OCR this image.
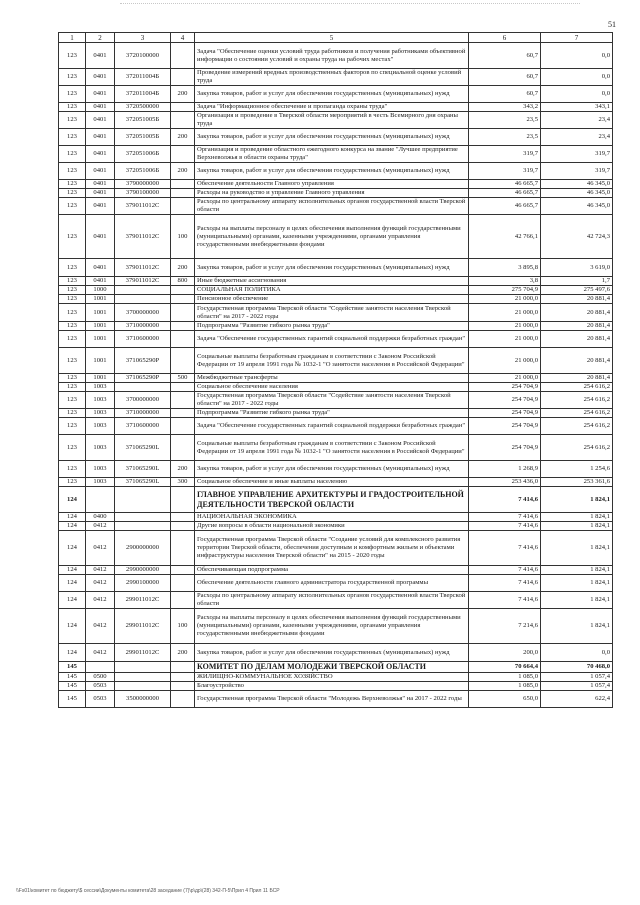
51
1	2	3	4	5	6	7
123	0401	3720100000		Задача "Обеспечение оценки условий труда работников и получения работниками объективной информации о состоянии условий и охраны труда на рабочих местах"	60,7	0,0
123	0401	372011004Б		Проведение измерений вредных производственных факторов по специальной оценке условий труда	60,7	0,0
123	0401	372011004Б	200	Закупка товаров, работ и услуг для обеспечения государственных (муниципальных) нужд	60,7	0,0
123	0401	3720500000		Задача "Информационное обеспечение и пропаганда охраны труда"	343,2	343,1
123	0401	372051005Б		Организация и проведение в Тверской области мероприятий в честь Всемирного дня охраны труда	23,5	23,4
123	0401	372051005Б	200	Закупка товаров, работ и услуг для обеспечения государственных (муниципальных) нужд	23,5	23,4
123	0401	372051006Б		Организация и проведение областного ежегодного конкурса на звание "Лучшее предприятие Верхневолжья в области охраны труда"	319,7	319,7
123	0401	372051006Б	200	Закупка товаров, работ и услуг для обеспечения государственных (муниципальных) нужд	319,7	319,7
123	0401	3790000000		Обеспечение деятельности Главного управления	46 665,7	46 345,0
123	0401	3790100000		Расходы на руководство и управление Главного управления	46 665,7	46 345,0
123	0401	379011012С		Расходы по центральному аппарату исполнительных органов государственной власти Тверской области	46 665,7	46 345,0
123	0401	379011012С	100	Расходы на выплаты персоналу в целях обеспечения выполнения функций государственными (муниципальными) органами, казенными учреждениями, органами управления государственными внебюджетными фондами	42 766,1	42 724,3
123	0401	379011012С	200	Закупка товаров, работ и услуг для обеспечения государственных (муниципальных) нужд	3 895,8	3 619,0
123	0401	379011012С	800	Иные бюджетные ассигнования	3,8	1,7
123	1000			СОЦИАЛЬНАЯ ПОЛИТИКА	275 704,9	275 497,6
123	1001			Пенсионное обеспечение	21 000,0	20 881,4
123	1001	3700000000		Государственная программа Тверской области "Содействие занятости населения Тверской области" на 2017 - 2022 годы	21 000,0	20 881,4
123	1001	3710000000		Подпрограмма "Развитие гибкого рынка труда"	21 000,0	20 881,4
123	1001	3710600000		Задача "Обеспечение государственных гарантий социальной поддержки безработных граждан"	21 000,0	20 881,4
123	1001	371065290Р		Социальные выплаты безработным гражданам в соответствии с Законом Российской Федерации от 19 апреля 1991 года № 1032-1 "О занятости населения в Российской Федерации"	21 000,0	20 881,4
123	1001	371065290Р	500	Межбюджетные трансферты	21 000,0	20 881,4
123	1003			Социальное обеспечение населения	254 704,9	254 616,2
123	1003	3700000000		Государственная программа Тверской области "Содействие занятости населения Тверской области" на 2017 - 2022 годы	254 704,9	254 616,2
123	1003	3710000000		Подпрограмма "Развитие гибкого рынка труда"	254 704,9	254 616,2
123	1003	3710600000		Задача "Обеспечение государственных гарантий социальной поддержки безработных граждан"	254 704,9	254 616,2
123	1003	371065290L		Социальные выплаты безработным гражданам в соответствии с Законом Российской Федерации от 19 апреля 1991 года № 1032-1 "О занятости населения в Российской Федерации"	254 704,9	254 616,2
123	1003	371065290L	200	Закупка товаров, работ и услуг для обеспечения государственных (муниципальных) нужд	1 268,9	1 254,6
123	1003	371065290L	300	Социальное обеспечение и иные выплаты населению	253 436,0	253 361,6
124				ГЛАВНОЕ УПРАВЛЕНИЕ АРХИТЕКТУРЫ И ГРАДОСТРОИТЕЛЬНОЙ ДЕЯТЕЛЬНОСТИ ТВЕРСКОЙ ОБЛАСТИ	7 414,6	1 824,1
124	0400			НАЦИОНАЛЬНАЯ ЭКОНОМИКА	7 414,6	1 824,1
124	0412			Другие вопросы в области национальной экономики	7 414,6	1 824,1
124	0412	2900000000		Государственная программа Тверской области "Создание условий для комплексного развития территории Тверской области, обеспечения доступным и комфортным жильем и объектами инфраструктуры населения Тверской области" на 2015 - 2020 годы	7 414,6	1 824,1
124	0412	2990000000		Обеспечивающая подпрограмма	7 414,6	1 824,1
124	0412	2990100000		Обеспечение деятельности главного администратора государственной программы	7 414,6	1 824,1
124	0412	299011012С		Расходы по центральному аппарату исполнительных органов государственной власти Тверской области	7 414,6	1 824,1
124	0412	299011012С	100	Расходы на выплаты персоналу в целях обеспечения выполнения функций государственными (муниципальными) органами, казенными учреждениями, органами управления государственными внебюджетными фондами	7 214,6	1 824,1
124	0412	299011012С	200	Закупка товаров, работ и услуг для обеспечения государственных (муниципальных) нужд	200,0	0,0
145				КОМИТЕТ ПО ДЕЛАМ МОЛОДЕЖИ ТВЕРСКОЙ ОБЛАСТИ	70 664,4	70 468,0
145	0500			ЖИЛИЩНО-КОММУНАЛЬНОЕ ХОЗЯЙСТВО	1 085,0	1 057,4
145	0503			Благоустройство	1 085,0	1 057,4
145	0503	3500000000		Государственная программа Тверской области "Молодежь Верхневолжья" на 2017 - 2022 годы	650,0	622,4
\\Fs01\комитет по бюджету\$ сессии\Документы комитета\28 заседание (7)\р\др\(28) 342-П-5\Прил 4 Прил 11 БСР
